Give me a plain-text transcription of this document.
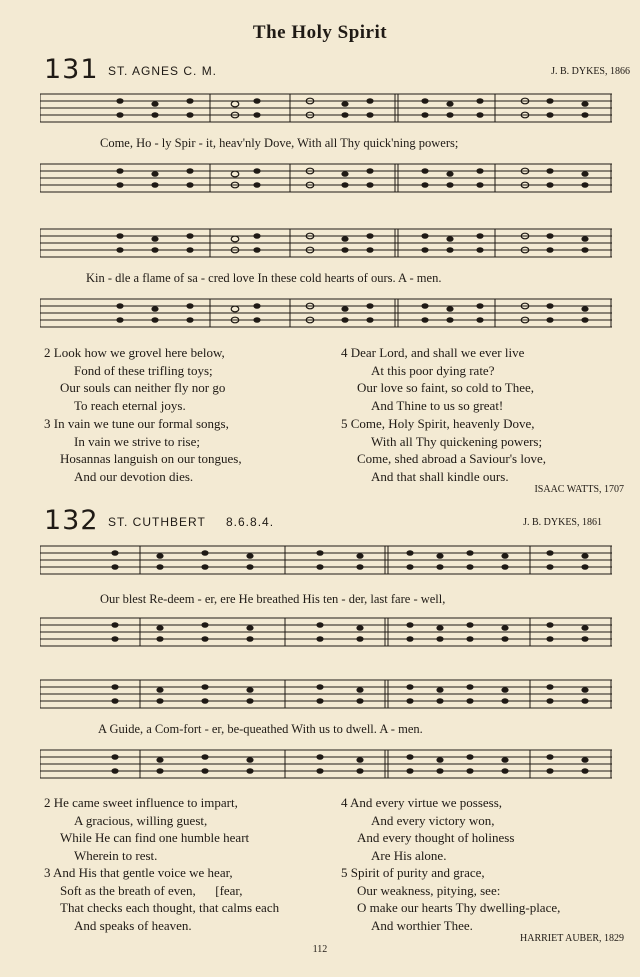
The Holy Spirit
131 ST. AGNES C. M.	J. B. DYKES, 1866
Come, Ho - ly Spir - it, heav'nly Dove, With all Thy quick'ning powers;
Kin - dle a flame of sa - cred love In these cold hearts of ours. A - men.
2 Look how we grovel here below,
Fond of these trifling toys;
Our souls can neither fly nor go
To reach eternal joys.
3 In vain we tune our formal songs,
In vain we strive to rise;
Hosannas languish on our tongues,
And our devotion dies.
4 Dear Lord, and shall we ever live
At this poor dying rate?
Our love so faint, so cold to Thee,
And Thine to us so great!
5 Come, Holy Spirit, heavenly Dove,
With all Thy quickening powers;
Come, shed abroad a Saviour's love,
And that shall kindle ours.
ISAAC WATTS, 1707
132 ST. CUTHBERT 8.6.8.4.	J. B. DYKES, 1861
Our blest Re-deem - er, ere He breathed His ten - der, last fare - well,
A Guide, a Com-fort - er, be-queathed With us to dwell. A - men.
2 He came sweet influence to impart,
A gracious, willing guest,
While He can find one humble heart
Wherein to rest.
3 And His that gentle voice we hear,
Soft as the breath of even, [fear,
That checks each thought, that calms each
And speaks of heaven.
4 And every virtue we possess,
And every victory won,
And every thought of holiness
Are His alone.
5 Spirit of purity and grace,
Our weakness, pitying, see:
O make our hearts Thy dwelling-place,
And worthier Thee.
HARRIET AUBER, 1829
112
